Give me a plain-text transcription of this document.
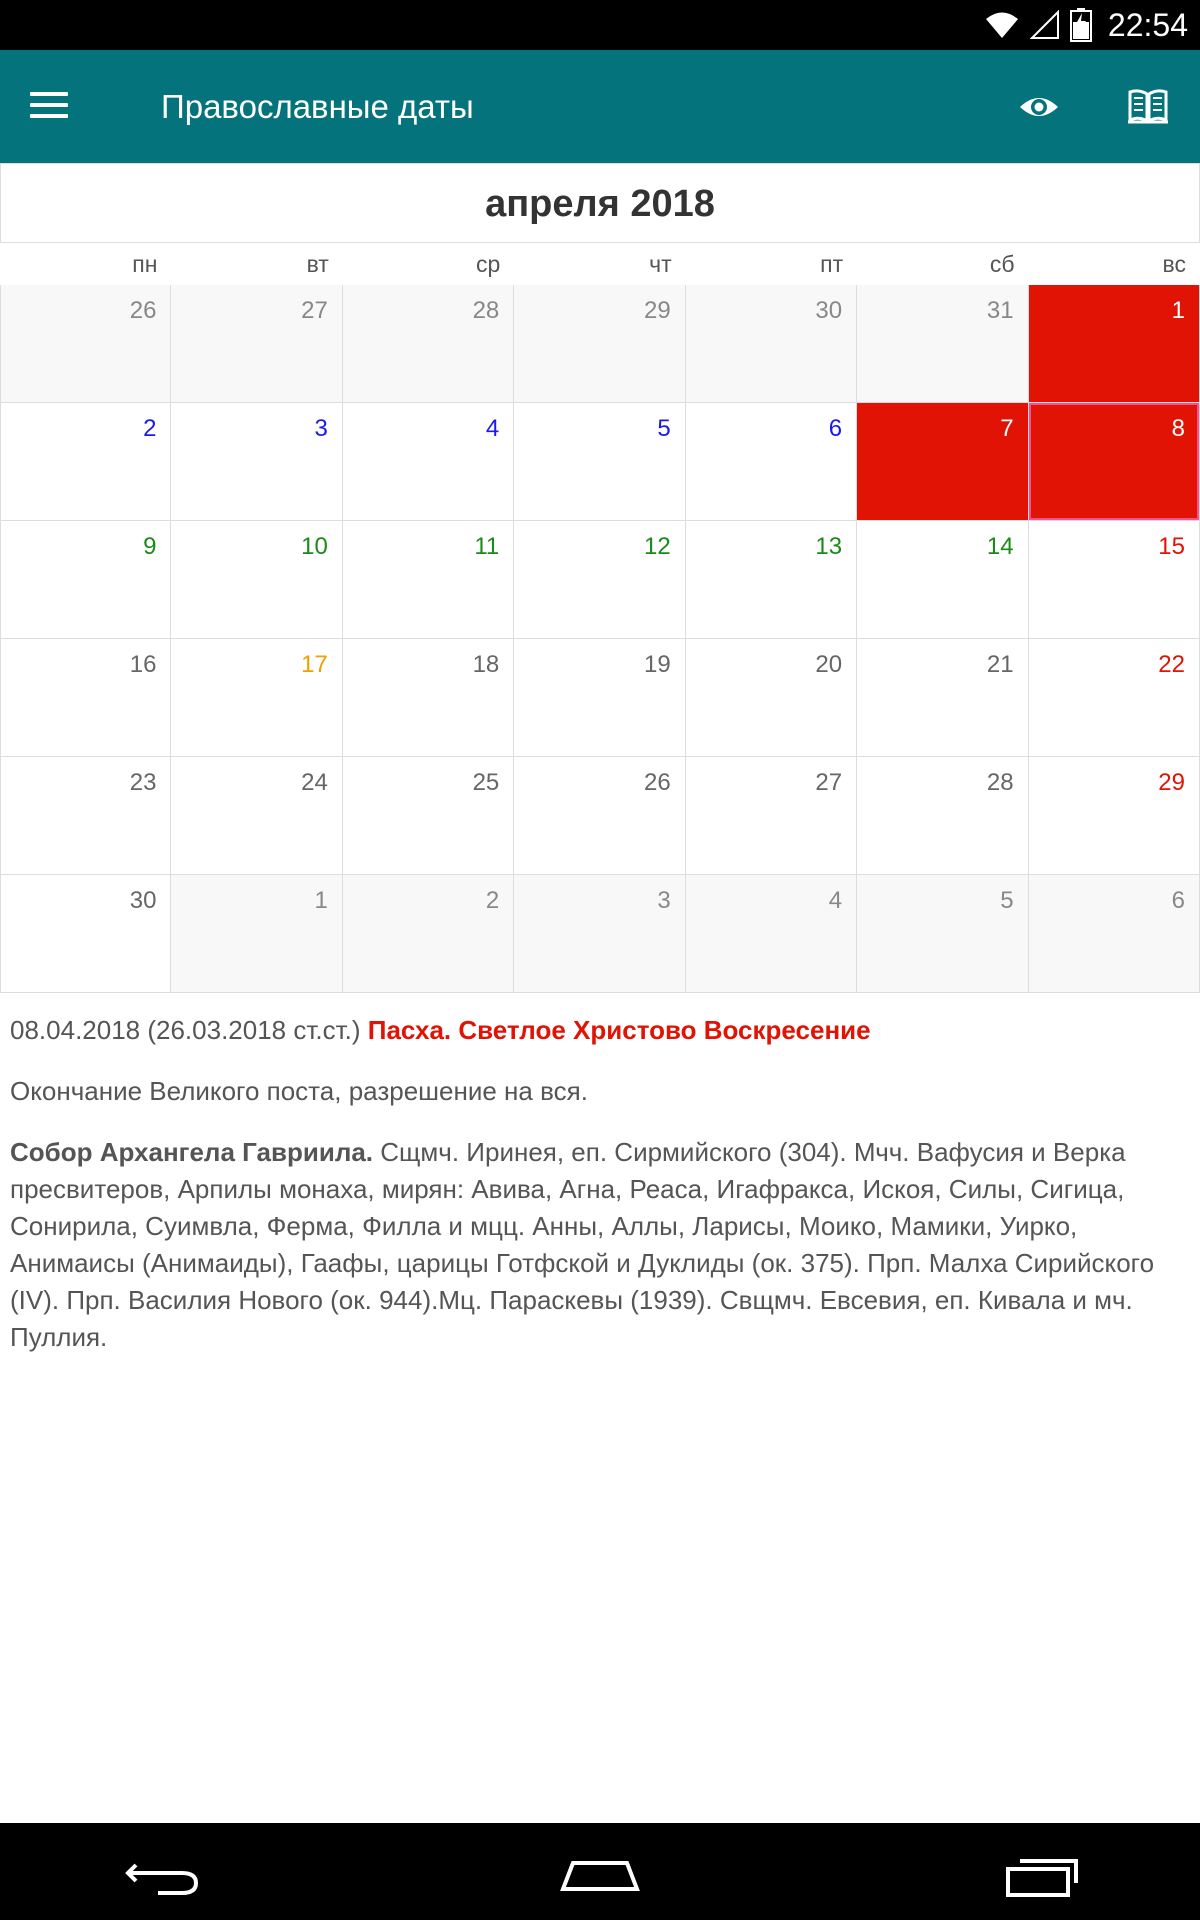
22:54
Православные даты
апреля 2018
пн	вт	ср	чт	пт	сб	вс
26	27	28	29	30	31	1
2	3	4	5	6	7	8
9	10	11	12	13	14	15
16	17	18	19	20	21	22
23	24	25	26	27	28	29
30	1	2	3	4	5	6

08.04.2018 (26.03.2018 ст.ст.) Пасха. Светлое Христово Воскресение

Окончание Великого поста, разрешение на вся.

Собор Архангела Гавриила. Сщмч. Иринея, еп. Сирмийского (304). Мчч. Вафусия и Верка пресвитеров, Арпилы монаха, мирян: Авива, Агна, Реаса, Игафракса, Искоя, Силы, Сигица, Сонирила, Суимвла, Ферма, Филла и мцц. Анны, Аллы, Ларисы, Моико, Мамики, Уирко, Анимаисы (Анимаиды), Гаафы, царицы Готфской и Дуклиды (ок. 375). Прп. Малха Сирийского (IV). Прп. Василия Нового (ок. 944).Мц. Параскевы (1939). Свщмч. Евсевия, еп. Кивала и мч. Пуллия.
